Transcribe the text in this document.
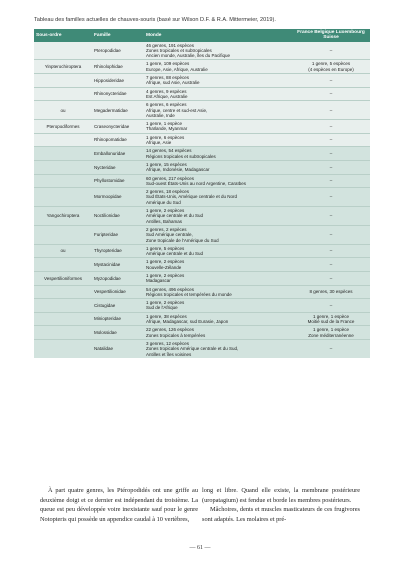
Tableau des familles actuelles de chauves-souris (basé sur Wilson D.F. & R.A. Mittermeier, 2019).
Sous-ordre	Famille	Monde	France Belgique Luxembourg Suisse
	Pteropodidae	46 genres, 191 espèces
Zones tropicales et subtropicales
Ancien monde, Australie, îles du Pacifique	–
Yinpterochiroptera	Rhinolophidae	1 genre, 109 espèces
Europe, Asie, Afrique, Australie	1 genre, 5 espèces
(4 espèces en Europe)
	Hipposideridae	7 genres, 88 espèces
Afrique, sud Asie, Australie	–
	Rhinonycteridae	4 genres, 9 espèces
Est Afrique, Australie	–
ou	Megadermatidae	6 genres, 6 espèces
Afrique, centre et sud-est Asie,
Australie, Inde	–
Pteropodiformes	Craseonycteridae	1 genre, 1 espèce
Thaïlande, Myanmar	–
	Rhinopomatidae	1 genre, 6 espèces
Afrique, Asie	–
	Emballonuridae	14 genres, 54 espèces
Régions tropicales et subtropicales	–
	Nycteridae	1 genre, 15 espèces
Afrique, Indonésie, Madagascar	–
	Phyllostomidae	60 genres, 217 espèces
Sud-ouest États-Unis au nord Argentine, Caraïbes	–
	Mormoopidae	2 genres, 18 espèces
Sud États-Unis, Amérique centrale et du Nord
Amérique du Sud	–
Yangochiroptera	Noctilionidae	1 genre, 2 espèces
Amérique centrale et du Sud
Antilles, Bahamas	–
	Furipteridae	2 genres, 2 espèces
Sud Amérique centrale,
Zone tropicale de l'Amérique du Sud	–
ou	Thyropteridae	1 genre, 5 espèces
Amérique centrale et du Sud	–
	Mystacinidae	1 genre, 2 espèces
Nouvelle-Zélande	–
Vespertilioniformes	Myzopodidae	1 genre, 2 espèces
Madagascar	–
	Vespertilionidae	54 genres, 496 espèces
Régions tropicales et tempérées du monde	8 genres, 30 espèces
	Cistugidae	1 genre, 2 espèces
Sud de l'Afrique	–
	Miniopteridae	1 genre, 38 espèces
Afrique, Madagascar, sud Eurasie, Japon	1 genre, 1 espèce
Moitié sud de la France
	Molossidae	22 genres, 126 espèces
Zones tropicales à tempérées	1 genre, 1 espèce
Zone méditerranéenne
	Natalidae	3 genres, 12 espèces
Zones tropicales Amérique centrale et du Sud,
Antilles et îles voisines	–
À part quatre genres, les Ptéropodidés ont une griffe au deuxième doigt et ce dernier est indépendant du troisième. La queue est peu développée voire inexistante sauf pour le genre Notopteris qui possède un appendice caudal à 10 vertèbres,
long et libre. Quand elle existe, la membrane postérieure (uropatagium) est fendue et borde les membres postérieurs.
Mâchoires, dents et muscles masticateurs de ces frugivores sont adaptés. Les molaires et pré-
— 61 —
